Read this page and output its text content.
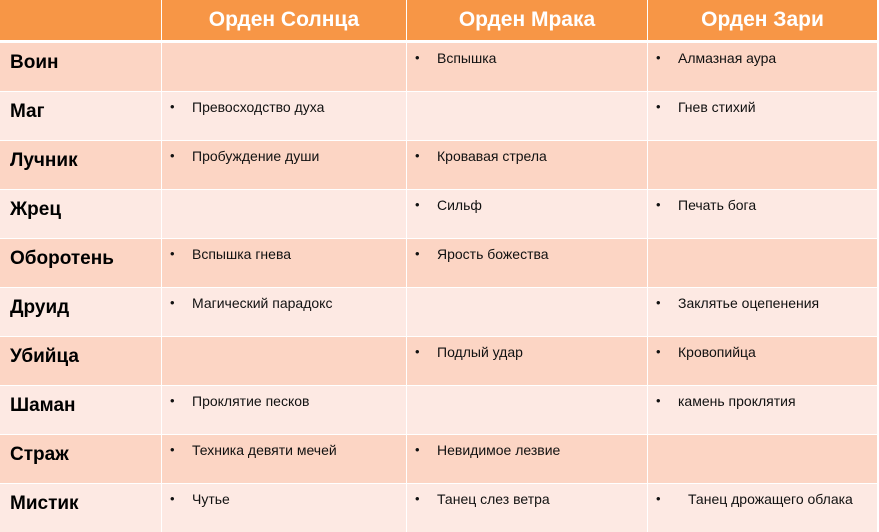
	Орден Солнца	Орден Мрака	Орден Зари
Воин		• Вспышка	• Алмазная аура

Маг	• Превосходство духа		• Гнев стихий

Лучник	• Пробуждение души	• Кровавая стрела	

Жрец		• Сильф	• Печать бога

Оборотень	• Вспышка гнева	• Ярость божества	

Друид	• Магический парадокс		• Заклятье оцепенения

Убийца		• Подлый удар	• Кровопийца

Шаман	• Проклятие песков		• камень проклятия

Страж	• Техника девяти мечей	• Невидимое лезвие	

Мистик	• Чутье	• Танец слез ветра	• Танец дрожащего облака
